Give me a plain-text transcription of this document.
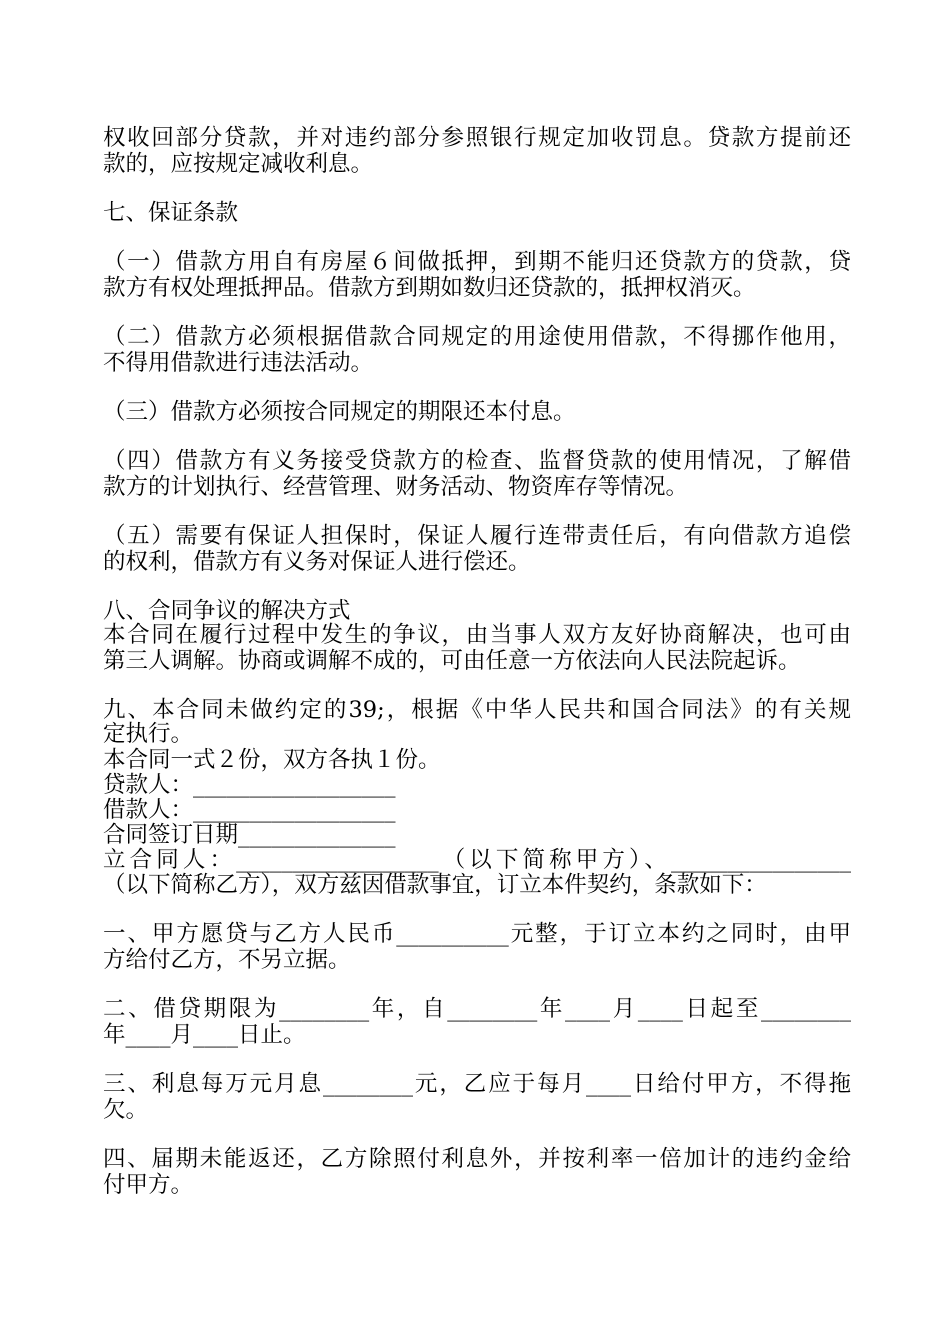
权收回部分贷款，并对违约部分参照银行规定加收罚息。贷款方提前还
款的，应按规定减收利息。
七、保证条款
（一）借款方用自有房屋６间做抵押，到期不能归还贷款方的贷款，贷
款方有权处理抵押品。借款方到期如数归还贷款的，抵押权消灭。
（二）借款方必须根据借款合同规定的用途使用借款，不得挪作他用，
不得用借款进行违法活动。
（三）借款方必须按合同规定的期限还本付息。
（四）借款方有义务接受贷款方的检查、监督贷款的使用情况，了解借
款方的计划执行、经营管理、财务活动、物资库存等情况。
（五）需要有保证人担保时，保证人履行连带责任后，有向借款方追偿
的权利，借款方有义务对保证人进行偿还。
八、合同争议的解决方式
本合同在履行过程中发生的争议，由当事人双方友好协商解决，也可由
第三人调解。协商或调解不成的，可由任意一方依法向人民法院起诉。
九、本合同未做约定的39;，根据《中华人民共和国合同法》的有关规
定执行。
本合同一式２份，双方各执１份。
贷款人：__________________
借款人：__________________
合同签订日期______________
立合同人：__________________（以下简称甲方）、________________
（以下简称乙方），双方兹因借款事宜，订立本件契约，条款如下：
一、甲方愿贷与乙方人民币__________元整，于订立本约之同时，由甲
方给付乙方，不另立据。
二、借贷期限为________年，自________年____月____日起至________
年____月____日止。
三、利息每万元月息________元，乙应于每月____日给付甲方，不得拖
欠。
四、届期未能返还，乙方除照付利息外，并按利率一倍加计的违约金给
付甲方。
